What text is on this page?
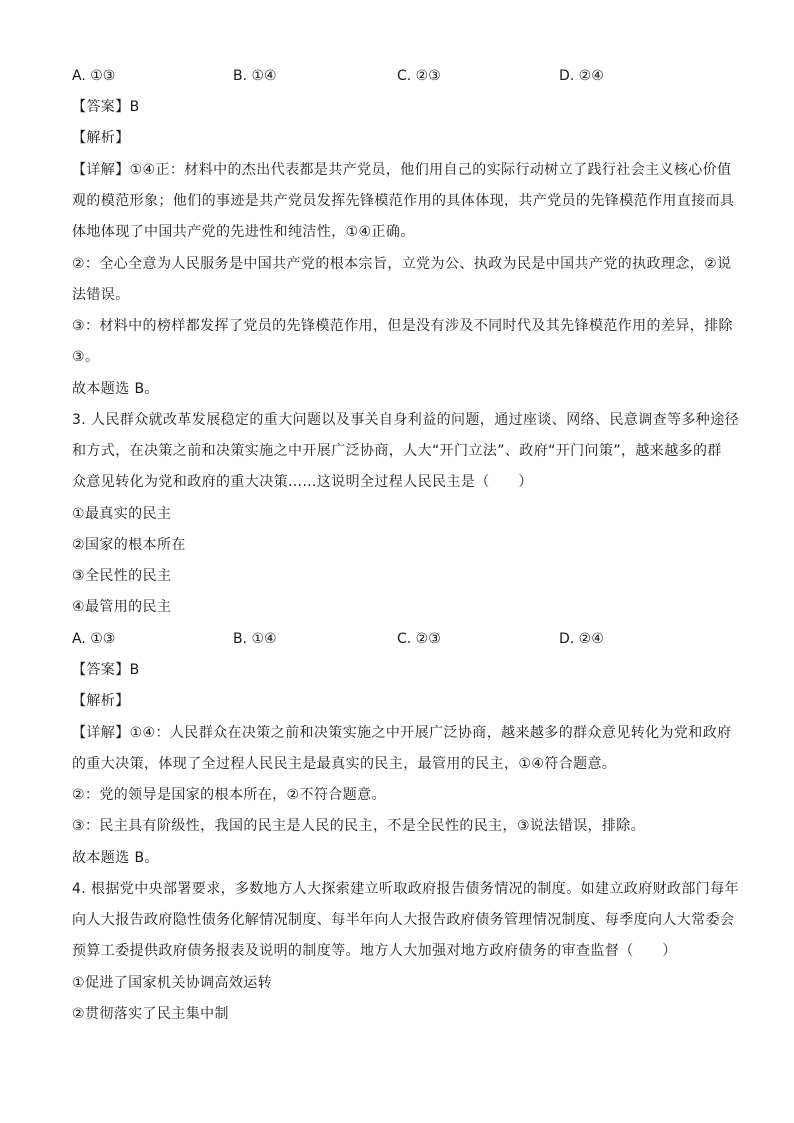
A. ①③	B. ①④	C. ②③	D. ②④
【答案】B
【解析】
【详解】①④正：材料中的杰出代表都是共产党员，他们用自己的实际行动树立了践行社会主义核心价值
观的模范形象；他们的事迹是共产党员发挥先锋模范作用的具体体现，共产党员的先锋模范作用直接而具
体地体现了中国共产党的先进性和纯洁性，①④正确。
②：全心全意为人民服务是中国共产党的根本宗旨，立党为公、执政为民是中国共产党的执政理念，②说
法错误。
③：材料中的榜样都发挥了党员的先锋模范作用，但是没有涉及不同时代及其先锋模范作用的差异，排除
③。
故本题选 B。
3. 人民群众就改革发展稳定的重大问题以及事关自身利益的问题，通过座谈、网络、民意调查等多种途径
和方式，在决策之前和决策实施之中开展广泛协商，人大“开门立法”、政府“开门问策”，越来越多的群
众意见转化为党和政府的重大决策……这说明全过程人民民主是（　　）
①最真实的民主
②国家的根本所在
③全民性的民主
④最管用的民主
A. ①③	B. ①④	C. ②③	D. ②④
【答案】B
【解析】
【详解】①④：人民群众在决策之前和决策实施之中开展广泛协商，越来越多的群众意见转化为党和政府
的重大决策，体现了全过程人民民主是最真实的民主，最管用的民主，①④符合题意。
②：党的领导是国家的根本所在，②不符合题意。
③：民主具有阶级性，我国的民主是人民的民主，不是全民性的民主，③说法错误，排除。
故本题选 B。
4. 根据党中央部署要求，多数地方人大探索建立听取政府报告债务情况的制度。如建立政府财政部门每年
向人大报告政府隐性债务化解情况制度、每半年向人大报告政府债务管理情况制度、每季度向人大常委会
预算工委提供政府债务报表及说明的制度等。地方人大加强对地方政府债务的审查监督（　　）
①促进了国家机关协调高效运转
②贯彻落实了民主集中制
